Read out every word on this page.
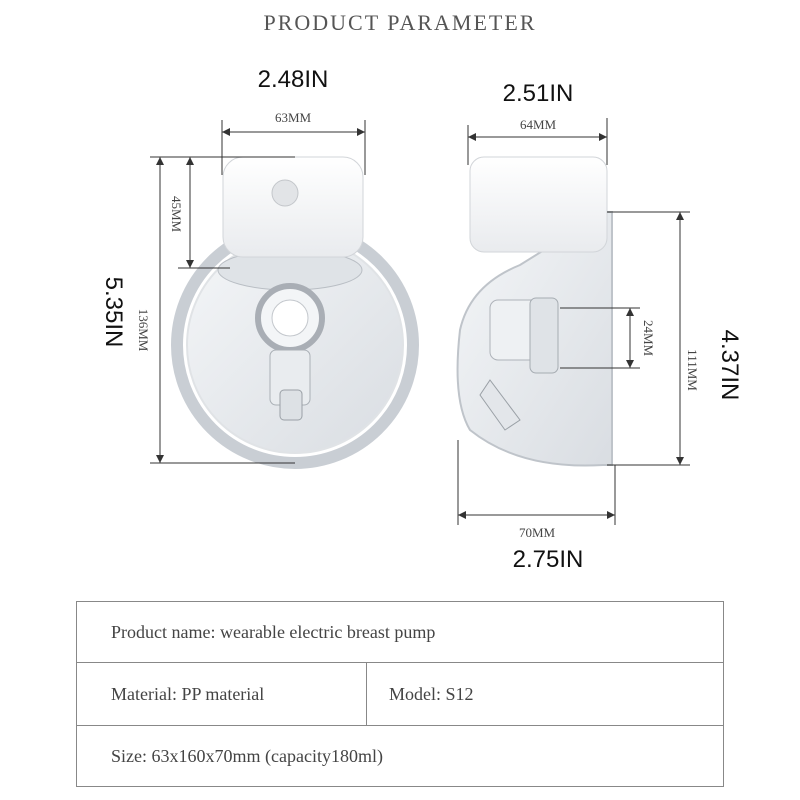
PRODUCT PARAMETER
2.48IN
63MM
5.35IN 136MM
45MM
2.51IN
64MM
4.37IN
111MM
24MM
70MM
2.75IN
Product name: wearable electric breast pump
Material: PP material	Model: S12
Size: 63x160x70mm (capacity180ml)
